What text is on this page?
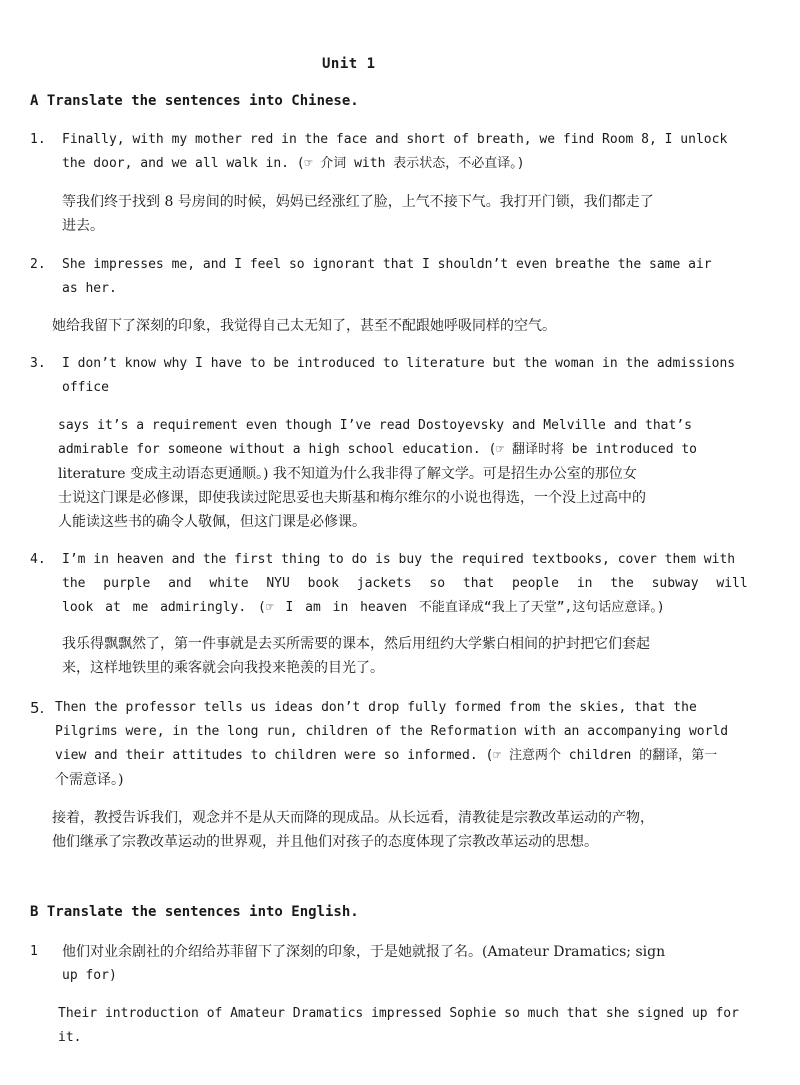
Unit 1
A Translate the sentences into Chinese.
1. Finally, with my mother red in the face and short of breath, we find Room 8, I unlock
the door, and we all walk in. (☞ 介词 with 表示状态，不必直译。)
等我们终于找到 8 号房间的时候，妈妈已经涨红了脸，上气不接下气。我打开门锁，我们都走了
进去。
2. She impresses me, and I feel so ignorant that I shouldn’t even breathe the same air
as her.
她给我留下了深刻的印象，我觉得自己太无知了，甚至不配跟她呼吸同样的空气。
3. I don’t know why I have to be introduced to literature but the woman in the admissions
office
says it’s a requirement even though I’ve read Dostoyevsky and Melville and that’s
admirable for someone without a high school education. (☞ 翻译时将 be introduced to
literature 变成主动语态更通顺。) 我不知道为什么我非得了解文学。可是招生办公室的那位女
士说这门课是必修课，即使我读过陀思妥也夫斯基和梅尔维尔的小说也得选，一个没上过高中的
人能读这些书的确令人敬佩，但这门课是必修课。
4. I’m in heaven and the first thing to do is buy the required textbooks, cover them with
the purple and white NYU book jackets so that people in the subway will
look at me admiringly. (☞ I am in heaven 不能直译成“我上了天堂”,这句话应意译。)
我乐得飘飘然了，第一件事就是去买所需要的课本，然后用纽约大学紫白相间的护封把它们套起
来，这样地铁里的乘客就会向我投来艳羡的目光了。
5. Then the professor tells us ideas don’t drop fully formed from the skies, that the
Pilgrims were, in the long run, children of the Reformation with an accompanying world
view and their attitudes to children were so informed. (☞ 注意两个 children 的翻译，第一
个需意译。)
接着，教授告诉我们，观念并不是从天而降的现成品。从长远看，清教徒是宗教改革运动的产物，
他们继承了宗教改革运动的世界观，并且他们对孩子的态度体现了宗教改革运动的思想。
B Translate the sentences into English.
1 他们对业余剧社的介绍给苏菲留下了深刻的印象，于是她就报了名。(Amateur Dramatics; sign
up for)
Their introduction of Amateur Dramatics impressed Sophie so much that she signed up for
it.
